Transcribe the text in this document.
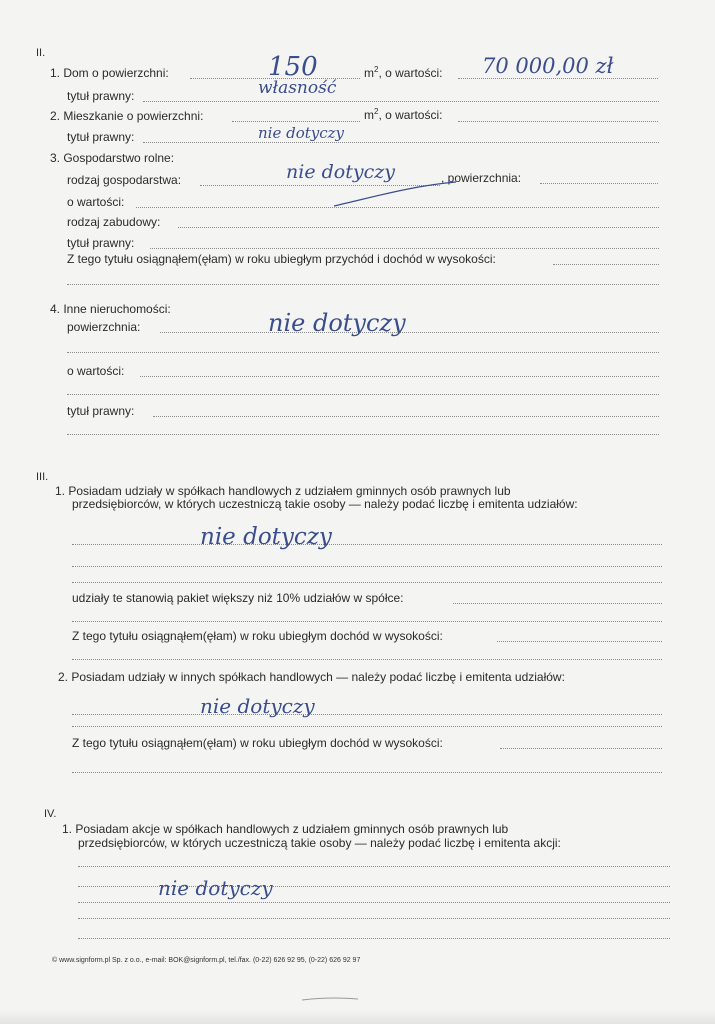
II.
1. Dom o powierzchni:	150	$m^2$, o wartości: 70 000,00 zł
tytuł prawny:	własność
2. Mieszkanie o powierzchni:	$m^2$, o wartości:
tytuł prawny:	nie dotyczy
3. Gospodarstwo rolne:
rodzaj gospodarstwa:	nie dotyczy	, powierzchnia:
o wartości:
rodzaj zabudowy:
tytuł prawny:
Z tego tytułu osiągnąłem(ęłam) w roku ubiegłym przychód i dochód w wysokości:
4. Inne nieruchomości:
powierzchnia:	nie dotyczy
o wartości:
tytuł prawny:
III.
1. Posiadam udziały w spółkach handlowych z udziałem gminnych osób prawnych lub
przedsiębiorców, w których uczestniczą takie osoby — należy podać liczbę i emitenta udziałów:
nie dotyczy
udziały te stanowią pakiet większy niż 10% udziałów w spółce:
Z tego tytułu osiągnąłem(ęłam) w roku ubiegłym dochód w wysokości:
2. Posiadam udziały w innych spółkach handlowych — należy podać liczbę i emitenta udziałów:
nie dotyczy
Z tego tytułu osiągnąłem(ęłam) w roku ubiegłym dochód w wysokości:
IV.
1. Posiadam akcje w spółkach handlowych z udziałem gminnych osób prawnych lub
przedsiębiorców, w których uczestniczą takie osoby — należy podać liczbę i emitenta akcji:
nie dotyczy
© www.signform.pl Sp. z o.o., e-mail: BOK@signform.pl, tel./fax. (0-22) 626 92 95, (0-22) 626 92 97
